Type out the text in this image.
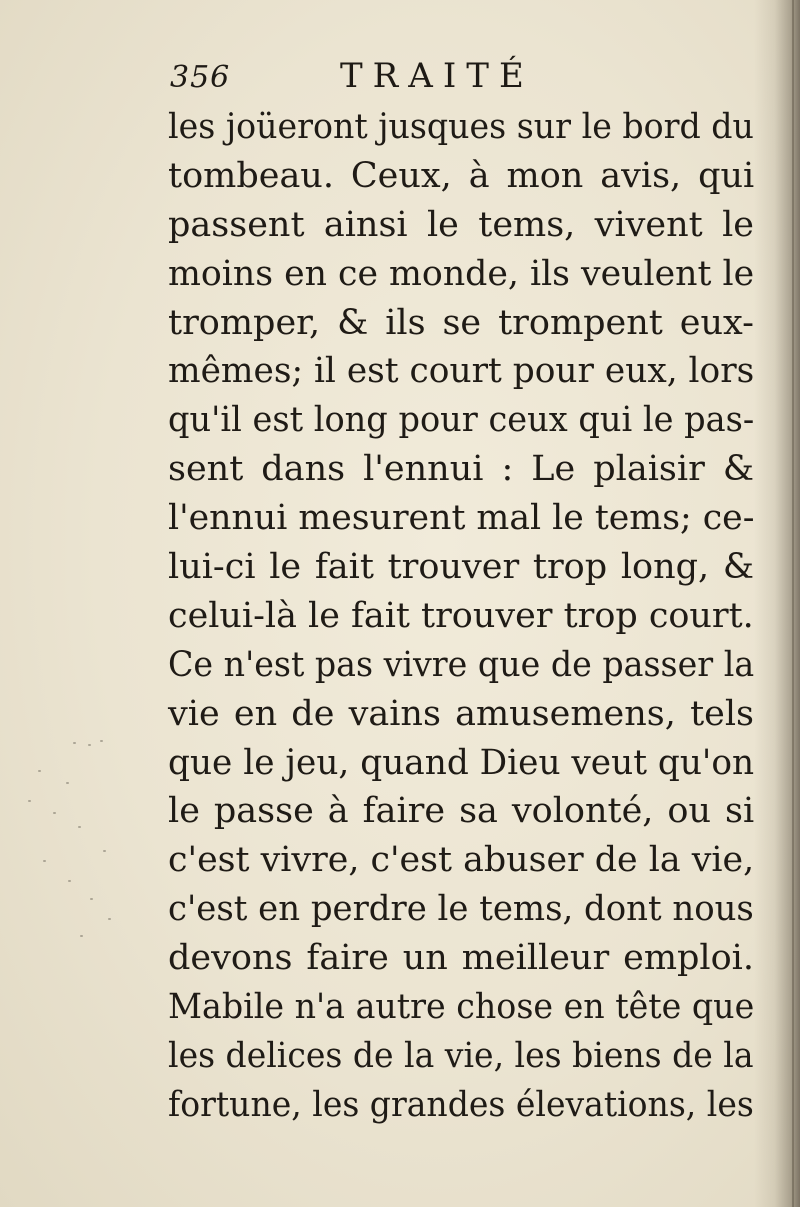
356	TRAITÉ
les joüeront jusques sur le bord du
tombeau. Ceux, à mon avis, qui
passent ainsi le tems, vivent le
moins en ce monde, ils veulent le
tromper, & ils se trompent eux-
mêmes; il est court pour eux, lors
qu'il est long pour ceux qui le pas-
sent dans l'ennui : Le plaisir &
l'ennui mesurent mal le tems; ce-
lui-ci le fait trouver trop long, &
celui-là le fait trouver trop court.
Ce n'est pas vivre que de passer la
vie en de vains amusemens, tels
que le jeu, quand Dieu veut qu'on
le passe à faire sa volonté, ou si
c'est vivre, c'est abuser de la vie,
c'est en perdre le tems, dont nous
devons faire un meilleur emploi.
Mabile n'a autre chose en tête que
les delices de la vie, les biens de la
fortune, les grandes élevations, les
